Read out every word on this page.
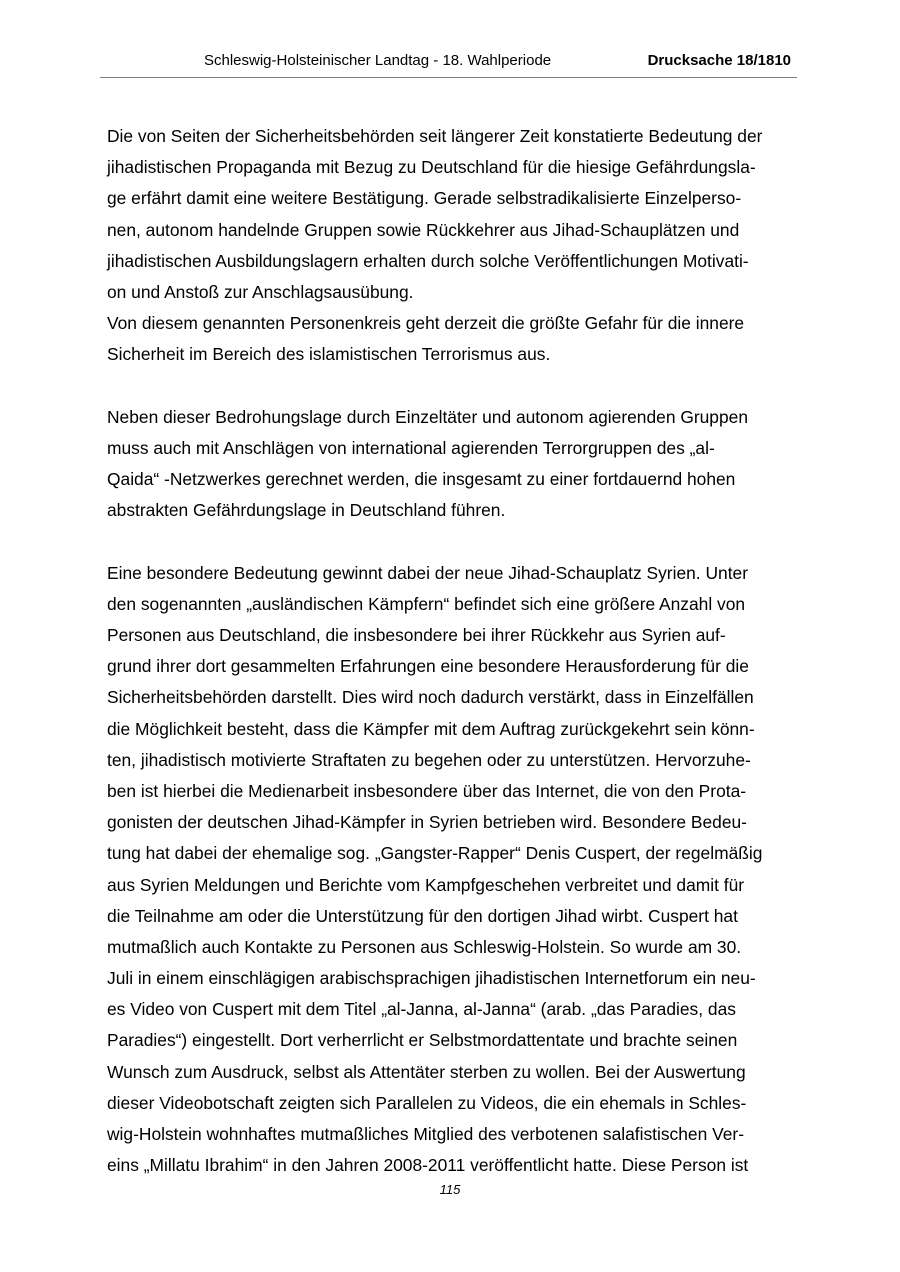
Schleswig-Holsteinischer Landtag - 18. Wahlperiode	Drucksache 18/1810
Die von Seiten der Sicherheitsbehörden seit längerer Zeit konstatierte Bedeutung der
jihadistischen Propaganda mit Bezug zu Deutschland für die hiesige Gefährdungsla-
ge erfährt damit eine weitere Bestätigung. Gerade selbstradikalisierte Einzelperso-
nen, autonom handelnde Gruppen sowie Rückkehrer aus Jihad-Schauplätzen und
jihadistischen Ausbildungslagern erhalten durch solche Veröffentlichungen Motivati-
on und Anstoß zur Anschlagsausübung.
Von diesem genannten Personenkreis geht derzeit die größte Gefahr für die innere
Sicherheit im Bereich des islamistischen Terrorismus aus.
Neben dieser Bedrohungslage durch Einzeltäter und autonom agierenden Gruppen
muss auch mit Anschlägen von international agierenden Terrorgruppen des „al-
Qaida“ -Netzwerkes gerechnet werden, die insgesamt zu einer fortdauernd hohen
abstrakten Gefährdungslage in Deutschland führen.
Eine besondere Bedeutung gewinnt dabei der neue Jihad-Schauplatz Syrien. Unter
den sogenannten „ausländischen Kämpfern“ befindet sich eine größere Anzahl von
Personen aus Deutschland, die insbesondere bei ihrer Rückkehr aus Syrien auf-
grund ihrer dort gesammelten Erfahrungen eine besondere Herausforderung für die
Sicherheitsbehörden darstellt. Dies wird noch dadurch verstärkt, dass in Einzelfällen
die Möglichkeit besteht, dass die Kämpfer mit dem Auftrag zurückgekehrt sein könn-
ten, jihadistisch motivierte Straftaten zu begehen oder zu unterstützen. Hervorzuhe-
ben ist hierbei die Medienarbeit insbesondere über das Internet, die von den Prota-
gonisten der deutschen Jihad-Kämpfer in Syrien betrieben wird. Besondere Bedeu-
tung hat dabei der ehemalige sog. „Gangster-Rapper“ Denis Cuspert, der regelmäßig
aus Syrien Meldungen und Berichte vom Kampfgeschehen verbreitet und damit für
die Teilnahme am oder die Unterstützung für den dortigen Jihad wirbt. Cuspert hat
mutmaßlich auch Kontakte zu Personen aus Schleswig-Holstein. So wurde am 30.
Juli in einem einschlägigen arabischsprachigen jihadistischen Internetforum ein neu-
es Video von Cuspert mit dem Titel „al-Janna, al-Janna“ (arab. „das Paradies, das
Paradies“) eingestellt. Dort verherrlicht er Selbstmordattentate und brachte seinen
Wunsch zum Ausdruck, selbst als Attentäter sterben zu wollen. Bei der Auswertung
dieser Videobotschaft zeigten sich Parallelen zu Videos, die ein ehemals in Schles-
wig-Holstein wohnhaftes mutmaßliches Mitglied des verbotenen salafistischen Ver-
eins „Millatu Ibrahim“ in den Jahren 2008-2011 veröffentlicht hatte. Diese Person ist
115
